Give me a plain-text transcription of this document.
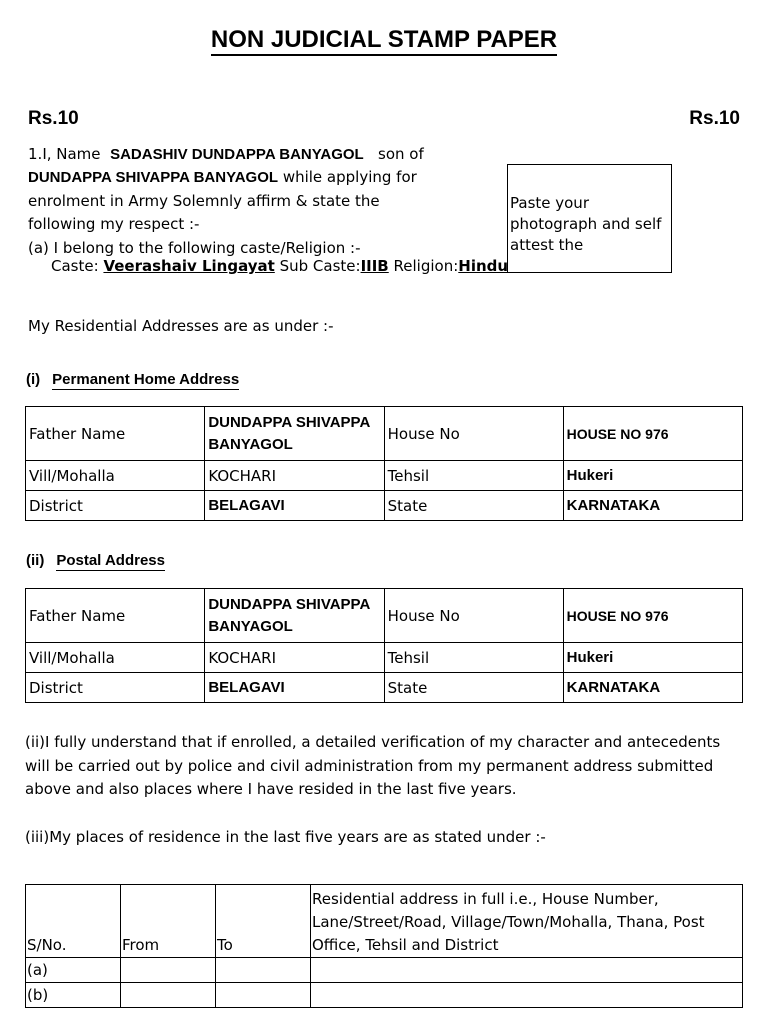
NON JUDICIAL STAMP PAPER
Rs.10	Rs.10
1.I, Name SADASHIV DUNDAPPA BANYAGOL son of
DUNDAPPA SHIVAPPA BANYAGOL while applying for
enrolment in Army Solemnly affirm & state the
following my respect :-
(a) I belong to the following caste/Religion :-
Caste: Veerashaiv Lingayat Sub Caste:IIIB Religion:Hindu
Paste your photograph and self attest the
My Residential Addresses are as under :-
(i) Permanent Home Address
Father Name	DUNDAPPA SHIVAPPA BANYAGOL	House No	HOUSE NO 976
Vill/Mohalla	KOCHARI	Tehsil	Hukeri
District	BELAGAVI	State	KARNATAKA
(ii) Postal Address
Father Name	DUNDAPPA SHIVAPPA BANYAGOL	House No	HOUSE NO 976
Vill/Mohalla	KOCHARI	Tehsil	Hukeri
District	BELAGAVI	State	KARNATAKA
(ii)I fully understand that if enrolled, a detailed verification of my character and antecedents
will be carried out by police and civil administration from my permanent address submitted
above and also places where I have resided in the last five years.
(iii)My places of residence in the last five years are as stated under :-
S/No.	From	To	Residential address in full i.e., House Number,
Lane/Street/Road, Village/Town/Mohalla, Thana, Post
Office, Tehsil and District

(a)			
(b)			
